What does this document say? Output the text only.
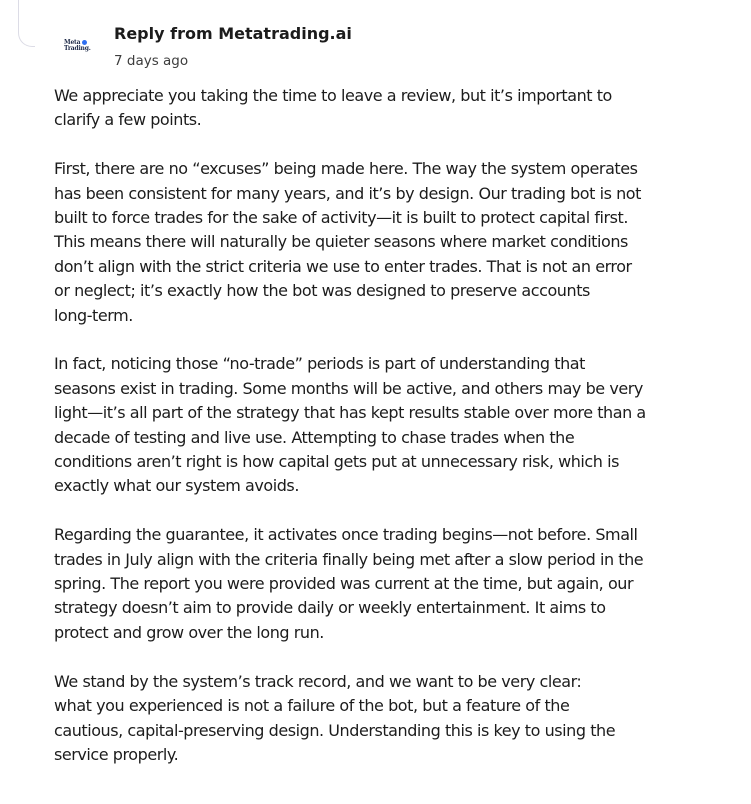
Meta
Trading.
Reply from Metatrading.ai
7 days ago
We appreciate you taking the time to leave a review, but it’s important to
clarify a few points.
First, there are no “excuses” being made here. The way the system operates
has been consistent for many years, and it’s by design. Our trading bot is not
built to force trades for the sake of activity—it is built to protect capital first.
This means there will naturally be quieter seasons where market conditions
don’t align with the strict criteria we use to enter trades. That is not an error
or neglect; it’s exactly how the bot was designed to preserve accounts
long-term.
In fact, noticing those “no-trade” periods is part of understanding that
seasons exist in trading. Some months will be active, and others may be very
light—it’s all part of the strategy that has kept results stable over more than a
decade of testing and live use. Attempting to chase trades when the
conditions aren’t right is how capital gets put at unnecessary risk, which is
exactly what our system avoids.
Regarding the guarantee, it activates once trading begins—not before. Small
trades in July align with the criteria finally being met after a slow period in the
spring. The report you were provided was current at the time, but again, our
strategy doesn’t aim to provide daily or weekly entertainment. It aims to
protect and grow over the long run.
We stand by the system’s track record, and we want to be very clear:
what you experienced is not a failure of the bot, but a feature of the
cautious, capital-preserving design. Understanding this is key to using the
service properly.
